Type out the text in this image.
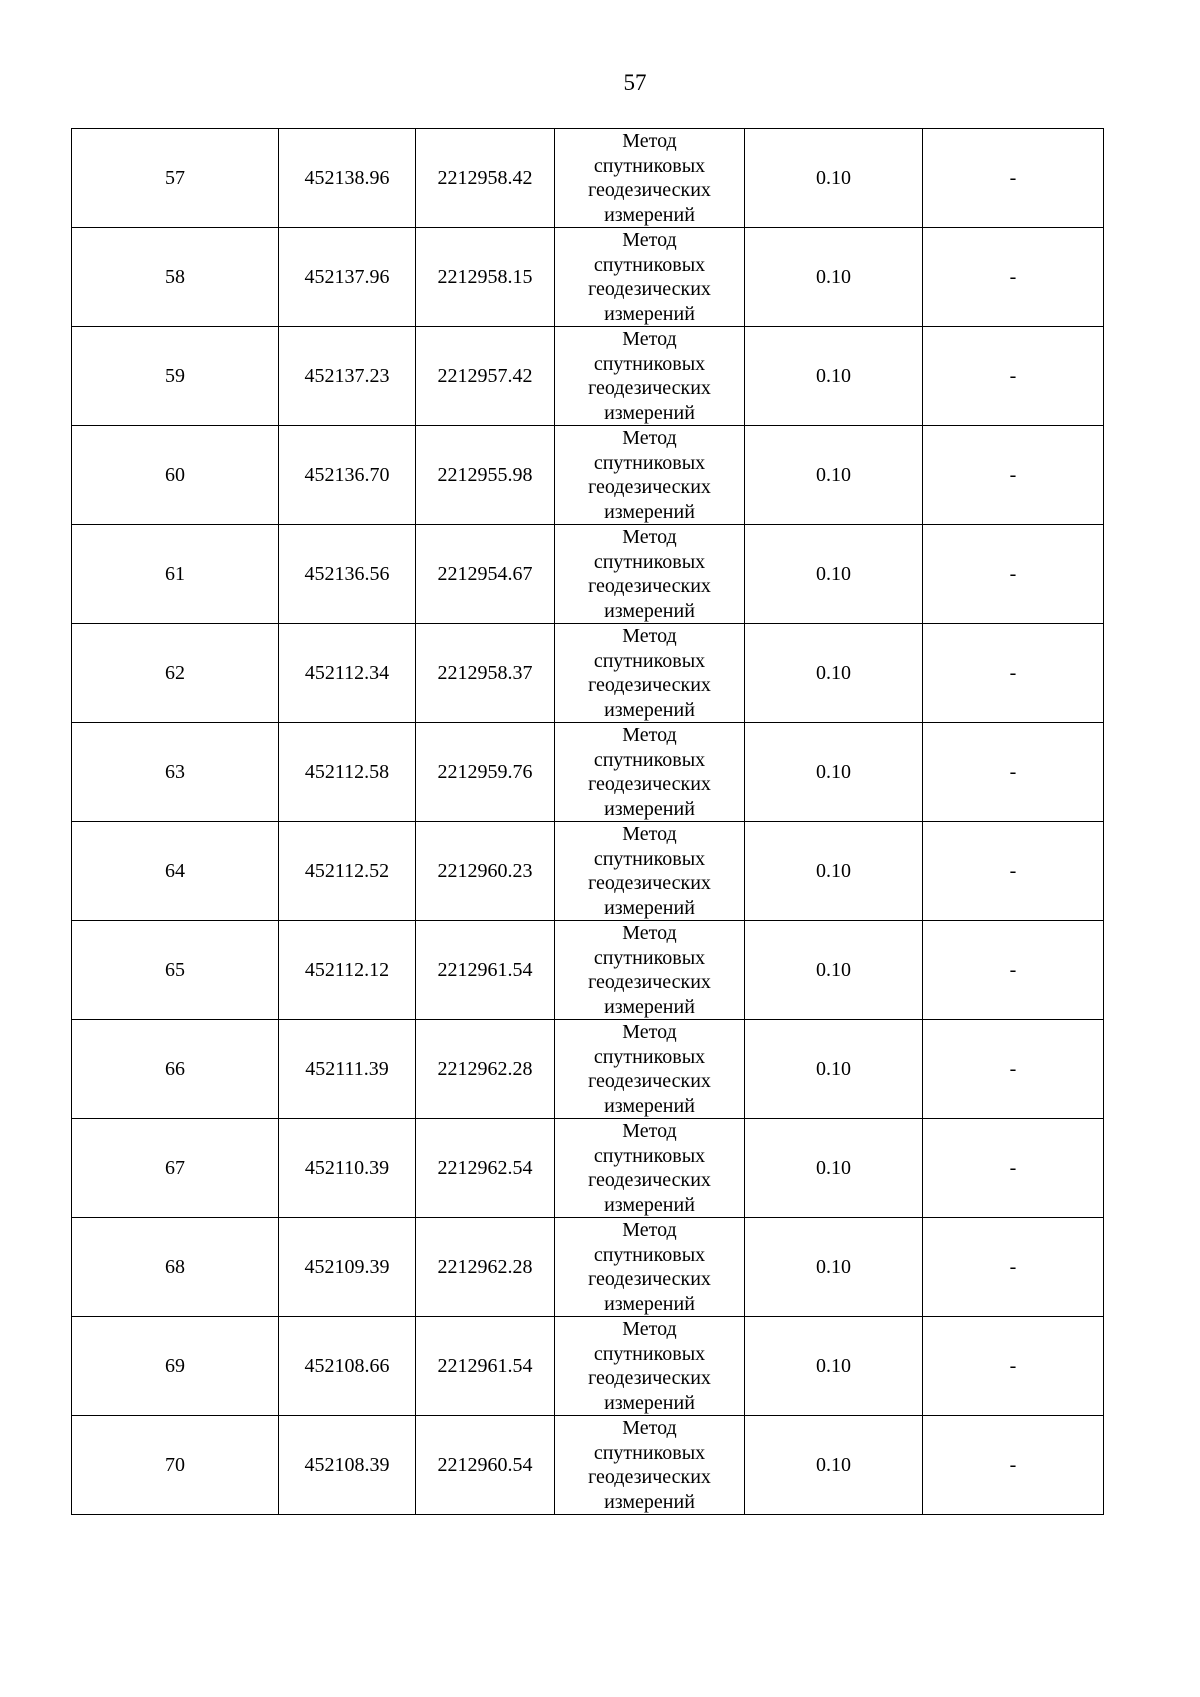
57
57	452138.96	2212958.42	Метод
спутниковых
геодезических
измерений	0.10	-
58	452137.96	2212958.15	Метод
спутниковых
геодезических
измерений	0.10	-
59	452137.23	2212957.42	Метод
спутниковых
геодезических
измерений	0.10	-
60	452136.70	2212955.98	Метод
спутниковых
геодезических
измерений	0.10	-
61	452136.56	2212954.67	Метод
спутниковых
геодезических
измерений	0.10	-
62	452112.34	2212958.37	Метод
спутниковых
геодезических
измерений	0.10	-
63	452112.58	2212959.76	Метод
спутниковых
геодезических
измерений	0.10	-
64	452112.52	2212960.23	Метод
спутниковых
геодезических
измерений	0.10	-
65	452112.12	2212961.54	Метод
спутниковых
геодезических
измерений	0.10	-
66	452111.39	2212962.28	Метод
спутниковых
геодезических
измерений	0.10	-
67	452110.39	2212962.54	Метод
спутниковых
геодезических
измерений	0.10	-
68	452109.39	2212962.28	Метод
спутниковых
геодезических
измерений	0.10	-
69	452108.66	2212961.54	Метод
спутниковых
геодезических
измерений	0.10	-
70	452108.39	2212960.54	Метод
спутниковых
геодезических
измерений	0.10	-
